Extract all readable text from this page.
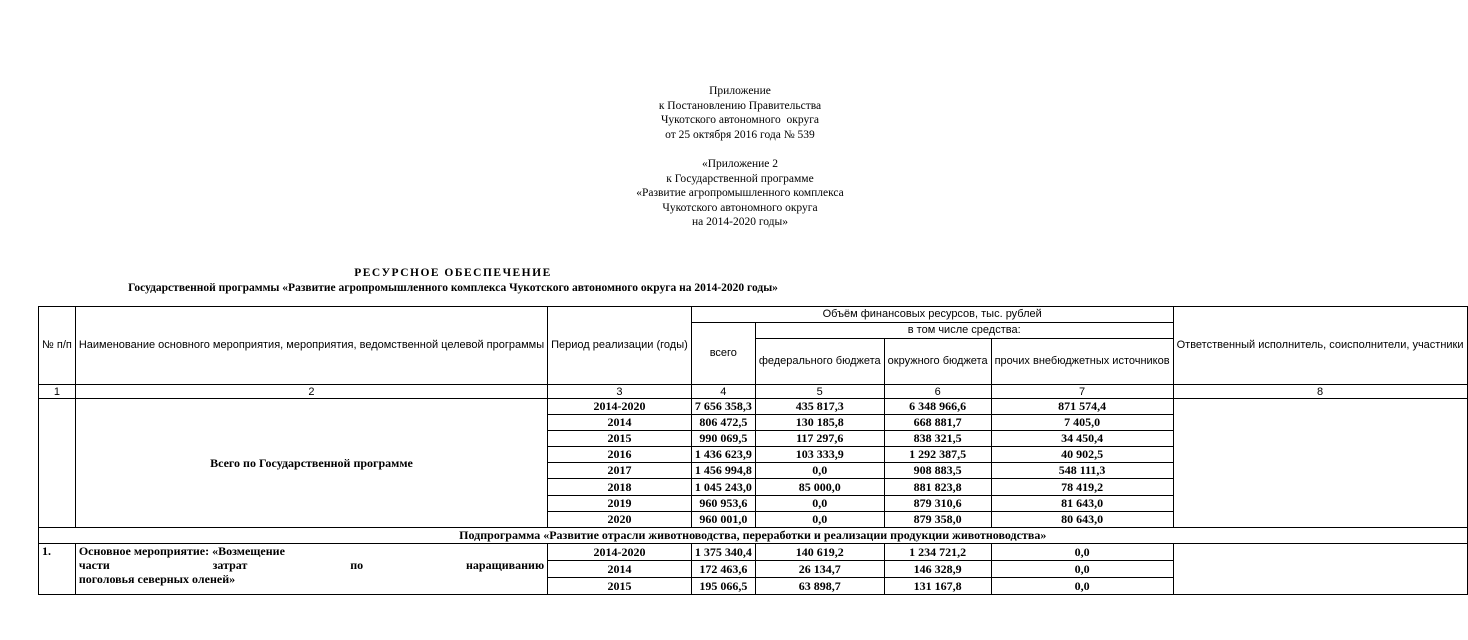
Приложение
к Постановлению Правительства
Чукотского автономного  округа
от 25 октября 2016 года № 539
«Приложение 2
к Государственной программе
«Развитие агропромышленного комплекса
Чукотского автономного округа
на 2014-2020 годы»
РЕСУРСНОЕ ОБЕСПЕЧЕНИЕ
Государственной программы «Развитие агропромышленного комплекса Чукотского автономного округа на 2014-2020 годы»
№ п/п	Наименование основного мероприятия, мероприятия, ведомственной целевой программы	Период реализации (годы)	Объём финансовых ресурсов, тыс. рублей				Ответственный исполнитель, соисполнители, участники
			всего	в том числе средства:			
				федерального бюджета	окружного бюджета	прочих внебюджетных источников	
1	2	3	4	5	6	7	8
	Всего по Государственной программе	2014-2020	7 656 358,3	435 817,3	6 348 966,6	871 574,4	
		2014	806 472,5	130 185,8	668 881,7	7 405,0	
		2015	990 069,5	117 297,6	838 321,5	34 450,4	
		2016	1 436 623,9	103 333,9	1 292 387,5	40 902,5	
		2017	1 456 994,8	0,0	908 883,5	548 111,3	
		2018	1 045 243,0	85 000,0	881 823,8	78 419,2	
		2019	960 953,6	0,0	879 310,6	81 643,0	
		2020	960 001,0	0,0	879 358,0	80 643,0	
Подпрограмма «Развитие отрасли животноводства, переработки и реализации продукции животноводства»							
1.	Основное мероприятие: «Возмещение
части затрат по наращиванию
поголовья северных оленей»	2014-2020	1 375 340,4	140 619,2	1 234 721,2	0,0	
		2014	172 463,6	26 134,7	146 328,9	0,0	
		2015	195 066,5	63 898,7	131 167,8	0,0	
